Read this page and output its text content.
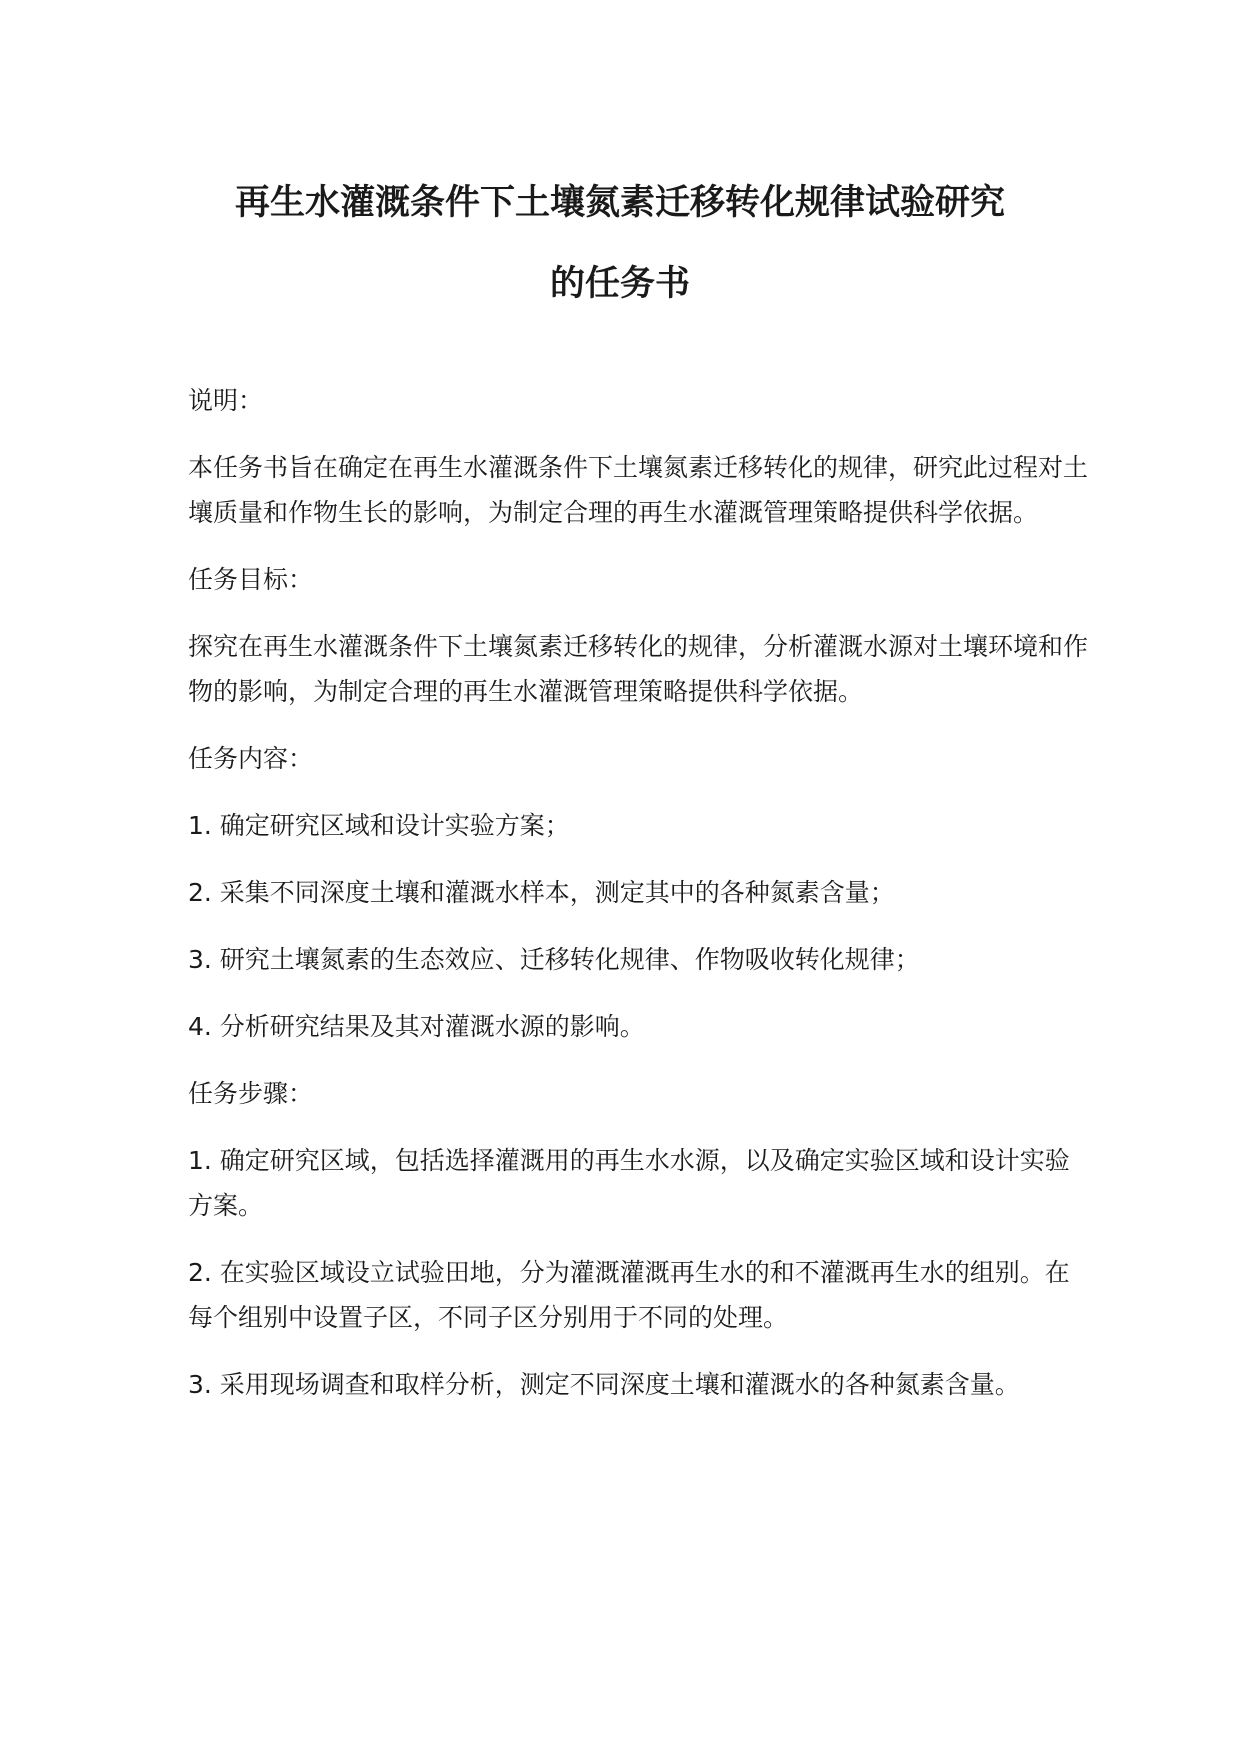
再生水灌溉条件下土壤氮素迁移转化规律试验研究
的任务书

说明：

本任务书旨在确定在再生水灌溉条件下土壤氮素迁移转化的规律，研究此过程对土壤质量和作物生长的影响，为制定合理的再生水灌溉管理策略提供科学依据。

任务目标：

探究在再生水灌溉条件下土壤氮素迁移转化的规律，分析灌溉水源对土壤环境和作物的影响，为制定合理的再生水灌溉管理策略提供科学依据。

任务内容：

1. 确定研究区域和设计实验方案；

2. 采集不同深度土壤和灌溉水样本，测定其中的各种氮素含量；

3. 研究土壤氮素的生态效应、迁移转化规律、作物吸收转化规律；

4. 分析研究结果及其对灌溉水源的影响。

任务步骤：

1. 确定研究区域，包括选择灌溉用的再生水水源，以及确定实验区域和设计实验方案。

2. 在实验区域设立试验田地，分为灌溉灌溉再生水的和不灌溉再生水的组别。在每个组别中设置子区，不同子区分别用于不同的处理。

3. 采用现场调查和取样分析，测定不同深度土壤和灌溉水的各种氮素含量。
